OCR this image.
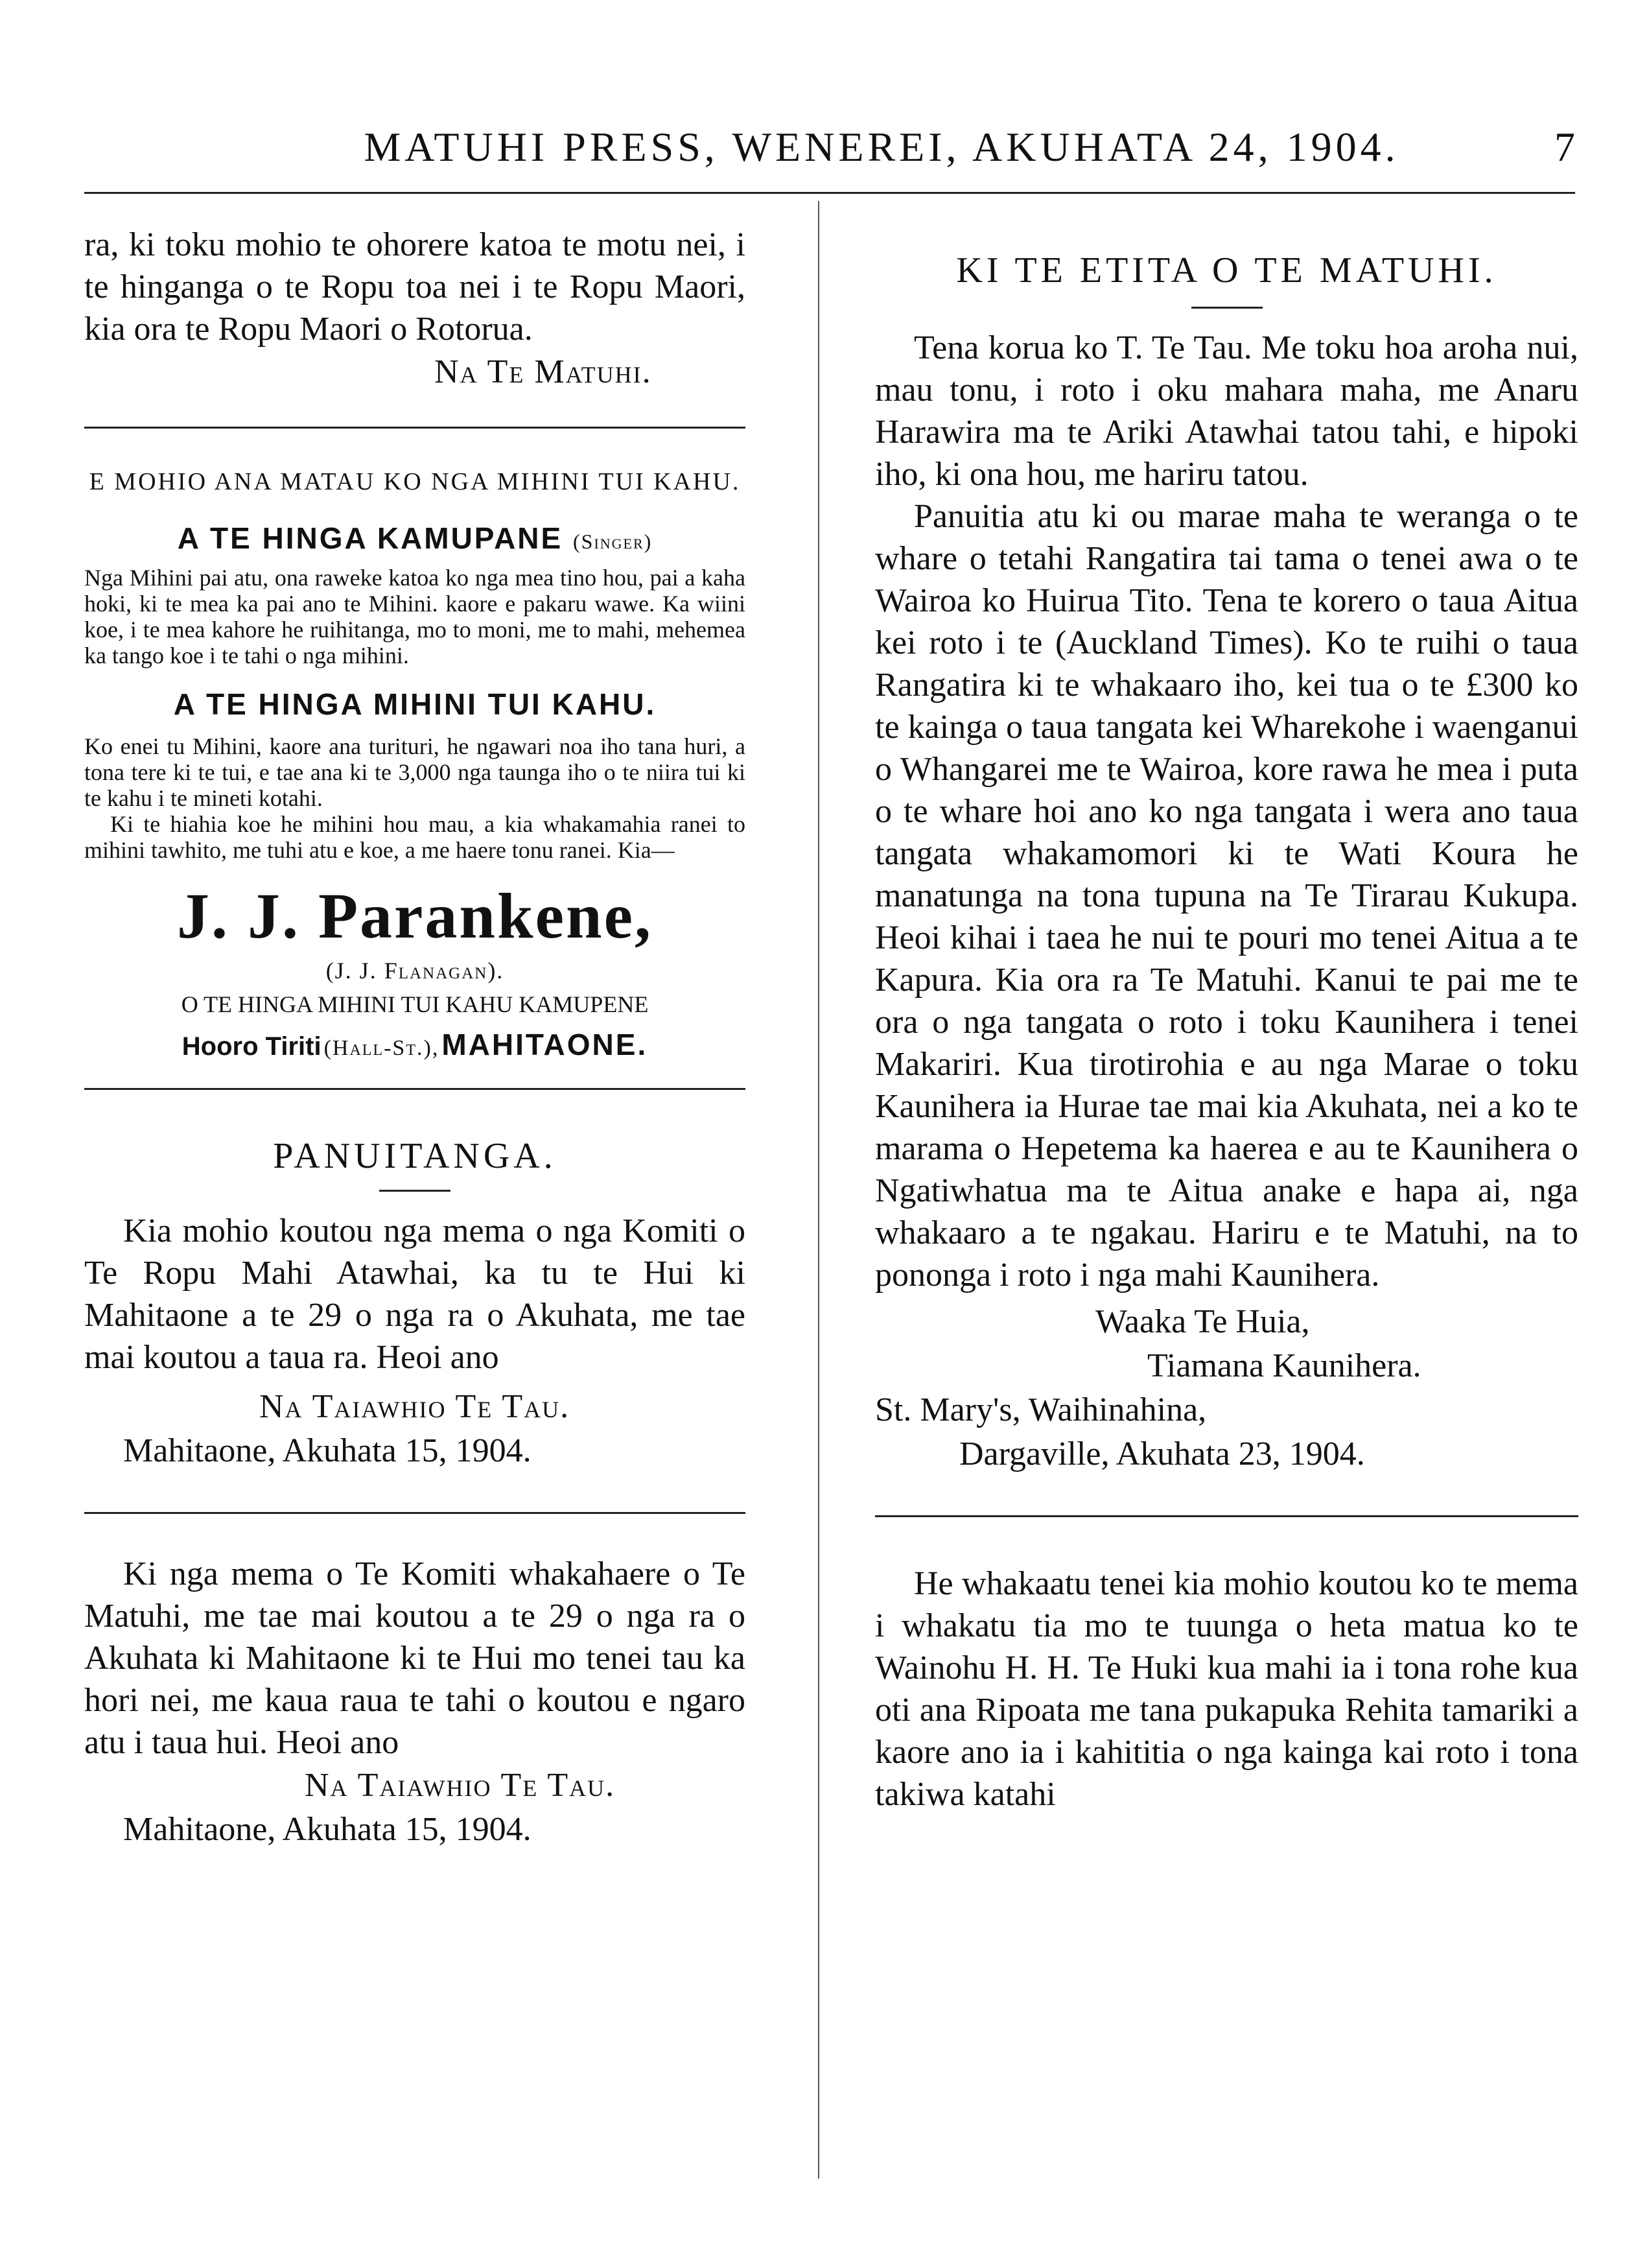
MATUHI PRESS, WENEREI, AKUHATA 24, 1904.	7

ra, ki toku mohio te ohorere katoa te motu nei, i te hinganga o te Ropu toa nei i te Ropu Maori, kia ora te Ropu Maori o Rotorua.

Na Te Matuhi.

E MOHIO ANA MATAU KO NGA MIHINI TUI KAHU.

A TE HINGA KAMUPANE (Singer)

Nga Mihini pai atu, ona raweke katoa ko nga mea tino hou, pai a kaha hoki, ki te mea ka pai ano te Mihini. kaore e pakaru wawe. Ka wiini koe, i te mea kahore he ruihitanga, mo to moni, me to mahi, mehemea ka tango koe i te tahi o nga mihini.

A TE HINGA MIHINI TUI KAHU.

Ko enei tu Mihini, kaore ana turituri, he ngawari noa iho tana huri, a tona tere ki te tui, e tae ana ki te 3,000 nga taunga iho o te niira tui ki te kahu i te mineti kotahi.

Ki te hiahia koe he mihini hou mau, a kia whakamahia ranei to mihini tawhito, me tuhi atu e koe, a me haere tonu ranei. Kia—

J. J. Parankene,

(J. J. Flanagan).

O TE HINGA MIHINI TUI KAHU KAMUPENE

Hooro Tiriti (Hall-St.), MAHITAONE.

PANUITANGA.

Kia mohio koutou nga mema o nga Komiti o Te Ropu Mahi Atawhai, ka tu te Hui ki Mahitaone a te 29 o nga ra o Akuhata, me tae mai koutou a taua ra. Heoi ano

Na Taiawhio Te Tau.

Mahitaone, Akuhata 15, 1904.

Ki nga mema o Te Komiti whakahaere o Te Matuhi, me tae mai koutou a te 29 o nga ra o Akuhata ki Mahitaone ki te Hui mo tenei tau ka hori nei, me kaua raua te tahi o koutou e ngaro atu i taua hui. Heoi ano

Na Taiawhio Te Tau.

Mahitaone, Akuhata 15, 1904.

KI TE ETITA O TE MATUHI.

Tena korua ko T. Te Tau. Me toku hoa aroha nui, mau tonu, i roto i oku mahara maha, me Anaru Harawira ma te Ariki Atawhai tatou tahi, e hipoki iho, ki ona hou, me hariru tatou.

Panuitia atu ki ou marae maha te weranga o te whare o tetahi Rangatira tai tama o tenei awa o te Wairoa ko Huirua Tito. Tena te korero o taua Aitua kei roto i te (Auckland Times). Ko te ruihi o taua Rangatira ki te whakaaro iho, kei tua o te £300 ko te kainga o taua tangata kei Wharekohe i waenganui o Whangarei me te Wairoa, kore rawa he mea i puta o te whare hoi ano ko nga tangata i wera ano taua tangata whakamomori ki te Wati Koura he manatunga na tona tupuna na Te Tirarau Kukupa. Heoi kihai i taea he nui te pouri mo tenei Aitua a te Kapura. Kia ora ra Te Matuhi. Kanui te pai me te ora o nga tangata o roto i toku Kaunihera i tenei Makariri. Kua tirotirohia e au nga Marae o toku Kaunihera ia Hurae tae mai kia Akuhata, nei a ko te marama o Hepetema ka haerea e au te Kaunihera o Ngatiwhatua ma te Aitua anake e hapa ai, nga whakaaro a te ngakau. Hariru e te Matuhi, na to pononga i roto i nga mahi Kaunihera.

Waaka Te Huia,

Tiamana Kaunihera.

St. Mary's, Waihinahina,

Dargaville, Akuhata 23, 1904.

He whakaatu tenei kia mohio koutou ko te mema i whakatu tia mo te tuunga o heta matua ko te Wainohu H. H. Te Huki kua mahi ia i tona rohe kua oti ana Ripoata me tana pukapuka Rehita tamariki a kaore ano ia i kahititia o nga kainga kai roto i tona takiwa katahi
